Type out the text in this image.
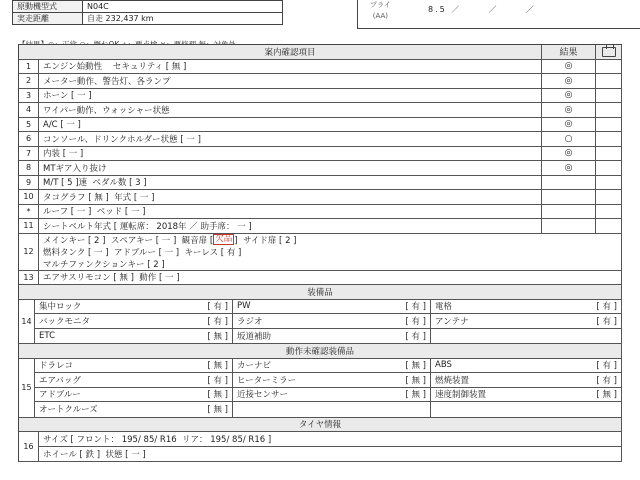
原動機型式	N04C
実走距離	自走 232,437 km
プライ
(AA)
8.5 ／      ／      ／
案内確認項目	結果
1	エンジン始動性    セキュリティ [ 無 ]	◎
2	メーター動作、警告灯、各ランプ	◎
3	ホーン [ 一 ]	◎
4	ワイパー動作、ウォッシャー状態	◎
5	A/C [ 一 ]	◎
6	コンソール、ドリンクホルダー状態 [ 一 ]	○
7	内装 [ 一 ]	◎
8	MTギア入り抜け	◎
9	M/T [ 5 ]速  ペダル数 [ 3 ]
10	タコグラフ [ 無 ]  年式 [ 一 ]
*	ルーフ [ 一 ]  ベッド [ 一 ]
11	シートベルト年式 [ 運転席： 2018年 ／ 助手席： 一 ]
12
メインキー [ 2 ]  スペアキー [ 一 ]  観音扉 [ 欠品 ]  サイド扉 [ 2 ]
燃料タンク [ 一 ]  アドブルー [ 一 ]  キーレス [ 有 ]
マルチファンクションキー [ 2 ]
13	エアサスリモコン [ 無 ]  動作 [ 一 ]
装備品
14
集中ロック	[ 有 ] PW	[ 有 ] 電格	[ 有 ]
バックモニタ	[ 有 ] ラジオ	[ 有 ] アンテナ	[ 有 ]
ETC	[ 無 ] 坂道補助	[ 有 ]
動作未確認装備品
15
ドラレコ	[ 無 ] カーナビ	[ 無 ] ABS	[ 有 ]
エアバッグ	[ 有 ] ヒーターミラー	[ 無 ] 燃焼装置	[ 有 ]
アドブルー	[ 無 ] 近接センサー	[ 無 ] 速度制御装置	[ 無 ]
オートクルーズ	[ 無 ]
タイヤ情報
16
サイズ [ フロント： 195/ 85/ R16  リア： 195/ 85/ R16 ]
ホイール [ 鉄 ]  状態 [ 一 ]
